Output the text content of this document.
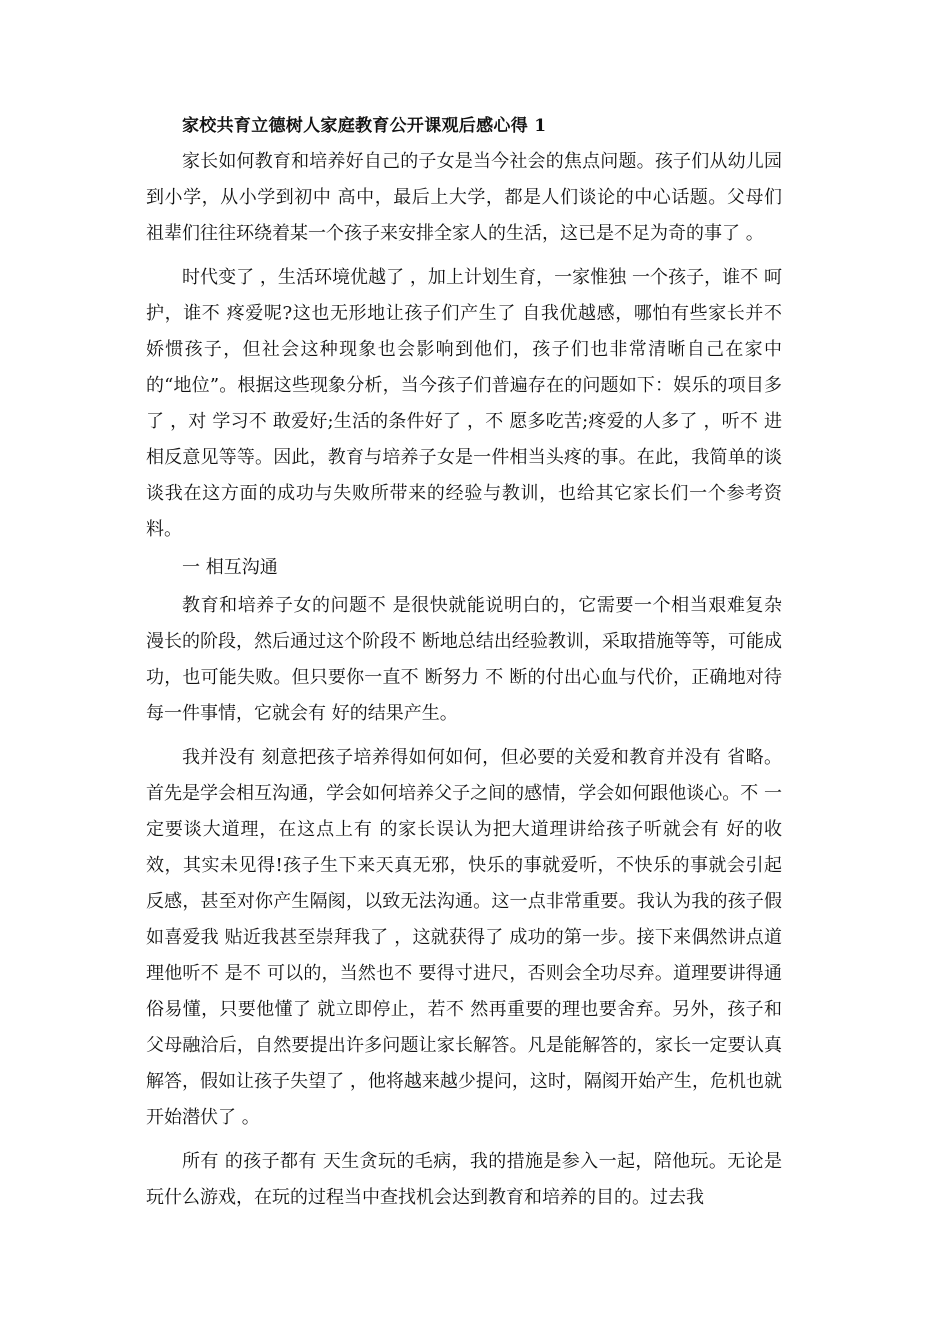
家校共育立德树人家庭教育公开课观后感心得 1

家长如何教育和培养好自己的子女是当今社会的焦点问题。孩子们从幼儿园到小学，从小学到初中 高中，最后上大学，都是人们谈论的中心话题。父母们 祖辈们往往环绕着某一个孩子来安排全家人的生活，这已是不足为奇的事了 。

时代变了 ，生活环境优越了 ，加上计划生育，一家惟独 一个孩子，谁不 呵护，谁不 疼爱呢?这也无形地让孩子们产生了 自我优越感，哪怕有些家长并不 娇惯孩子，但社会这种现象也会影响到他们，孩子们也非常清晰自己在家中的“地位”。根据这些现象分析，当今孩子们普遍存在的问题如下：娱乐的项目多了 ，对 学习不 敢爱好;生活的条件好了 ，不 愿多吃苦;疼爱的人多了 ，听不 进相反意见等等。因此，教育与培养子女是一件相当头疼的事。在此，我简单的谈谈我在这方面的成功与失败所带来的经验与教训，也给其它家长们一个参考资料。

一 相互沟通

教育和培养子女的问题不 是很快就能说明白的，它需要一个相当艰难复杂 漫长的阶段，然后通过这个阶段不 断地总结出经验教训，采取措施等等，可能成功，也可能失败。但只要你一直不 断努力 不 断的付出心血与代价，正确地对待每一件事情，它就会有 好的结果产生。

我并没有 刻意把孩子培养得如何如何，但必要的关爱和教育并没有 省略。首先是学会相互沟通，学会如何培养父子之间的感情，学会如何跟他谈心。不 一定要谈大道理，在这点上有 的家长误认为把大道理讲给孩子听就会有 好的收效，其实未见得!孩子生下来天真无邪，快乐的事就爱听，不快乐的事就会引起反感，甚至对你产生隔阂，以致无法沟通。这一点非常重要。我认为我的孩子假如喜爱我 贴近我甚至崇拜我了 ，这就获得了 成功的第一步。接下来偶然讲点道理他听不 是不 可以的，当然也不 要得寸进尺，否则会全功尽弃。道理要讲得通俗易懂，只要他懂了 就立即停止，若不 然再重要的理也要舍弃。另外，孩子和父母融洽后，自然要提出许多问题让家长解答。凡是能解答的，家长一定要认真解答，假如让孩子失望了 ，他将越来越少提问，这时，隔阂开始产生，危机也就开始潜伏了 。

所有 的孩子都有 天生贪玩的毛病，我的措施是参入一起，陪他玩。无论是玩什么游戏，在玩的过程当中查找机会达到教育和培养的目的。过去我
